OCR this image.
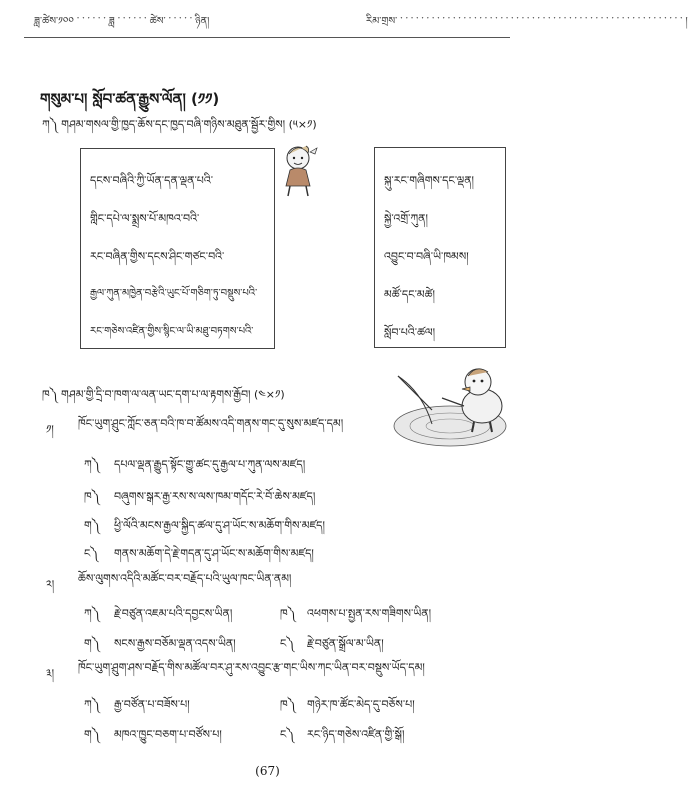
ཟླ་ཚེས་༡༠༠ ་ ་ ་ ་ ་ ་ ཟླ ་ ་ ་ ་ ་ ་ ཚེས་ ་ ་ ་ ་ ་ ཉིན།	རིམ་གྲས་ ་ ་ ་ ་ ་ ་ ་ ་ ་ ་ ་ ་ ་ ་ ་ ་ ་ ་ ་ ་ ་ ་ ་ ་ ་ ་ ་ ་ ་ ་ ་ ་ ་ ་ ་ ་ ་ ་ ་ ་ ་ ་ ་ ་ ་ ་ ་ ་ ་ ་ ་ ་ ་ ་ །
གསུམ་པ། སློབ་ཚན་རྒྱུས་ལོན། (༡༡)
ཀ༽ གཤམ་གསལ་གྱི་ཁྱད་ཆོས་དང་ཁྱད་བཞི་གཉིས་མཐུན་སྦྱོར་གྱིས། (༥×༡)
དངས་བཞིའི་ཀྱི་ཡོན་དན་ལྡན་པའི་
གླིང་དཔེ་ལ་སྨྲས་པོ་མཁའ་བའི་
རང་བཞིན་གྱིས་དངས་ཤིང་གཙང་བའི་
རྒྱལ་ཀུན་མཁྱེན་བརྩེའི་ཡུང་པོ་གཅིག་ཏུ་བསྡུས་པའི་
རང་གཅེས་འཛིན་གྱིས་སྙིང་ལ་ཡི་མཐུ་བཏགས་པའི་
སྐུ་རང་གཞིགས་དང་ལྡན།
སྐྱེ་འགྲོ་ཀུན།
འབྱུང་བ་བཞི་ཡི་ཁམས།
མཚོ་དང་མཚེ།
སློབ་པའི་ཚལ།
ཁ༽ གཤམ་གྱི་དྲི་བ་ཁག་ལ་ལན་ཡང་དག་པ་ལ་རྟགས་རྒྱོབ། (༤×༡)
༡། ཁོང་ཡུག་ཤྲུང་ཀློང་ཅན་བའི་ཁ་བ་ཚོམས་འདི་གནས་གང་དུ་སུས་མཛད་དམ།
ཀ༽ དཔལ་ལྡན་རྒྱུད་སྟོང་གྱུ་ཚང་དུ་རྒྱལ་པ་ཀུན་ལས་མཛད།
ཁ༽ བཞུགས་སྒར་རྒྱ་རས་ས་ལས་ཁམ་གདོང་རེ་བོ་ཆེས་མཛད།
ག༽ ཕྱི་ལོའི་མངས་རྒྱལ་སྐྱིད་ཚལ་དུ་ཤ་ཡོང་ས་མཆོག་གིས་མཛད།
ང༽ གནས་མཆོག་དེ་རྗེ་གདན་དུ་ཤ་ཡོང་ས་མཆོག་གིས་མཛད།
༢། ཆོས་ལུགས་འདིའི་མཚོང་བར་བརྗོད་པའི་ཡུལ་ཁང་ཡིན་ནམ།
ཀ༽ རྗེ་བཙུན་འཇམ་པའི་དབྱངས་ཡིན།	ཁ༽ འཕགས་པ་སྤྱན་རས་གཟིགས་ཡིན།
ག༽ སངས་རྒྱས་བཅོམ་ལྡན་འདས་ཡིན།	ང༽ རྗེ་བཙུན་སྒྲོལ་མ་ཡིན།
༣། ཁོང་ཡུག་ཤྲུག་ཤས་བརྗོད་གིས་མཚོལ་བར་ཤུ་རས་འབྱུང་རྩ་གང་ཡིས་ཀང་ཡིན་བར་བསྡུས་ཡོད་དམ།
ཀ༽ རྒྱ་བཙོན་པ་བཟོས་པ།	ཁ༽ གཉེར་ཁ་ཚོང་མེད་དུ་བཅོས་པ།
ག༽ མཁའ་ཁྱུང་བཅག་པ་བཙོས་པ།	ང༽ རང་ཉིད་གཅེས་འཛིན་གྱི་སྒོ།
(67)
